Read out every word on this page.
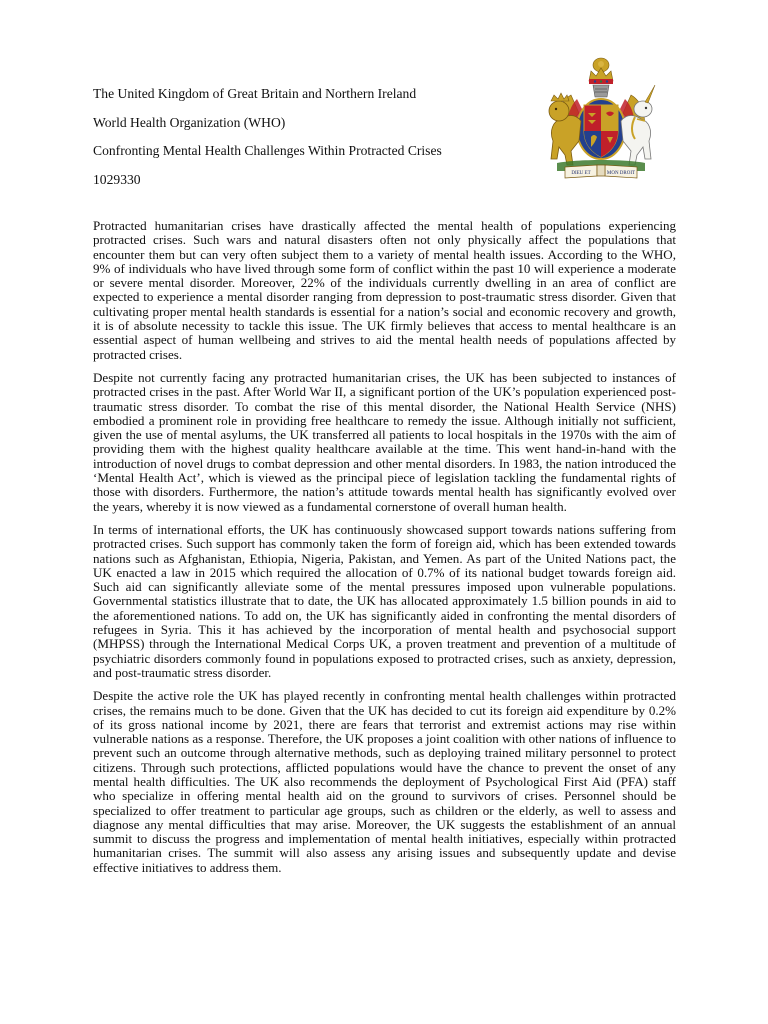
The United Kingdom of Great Britain and Northern Ireland
World Health Organization (WHO)
Confronting Mental Health Challenges Within Protracted Crises
1029330	DIEU ET	MON DROIT

Protracted humanitarian crises have drastically affected the mental health of populations experiencing protracted crises. Such wars and natural disasters often not only physically affect the populations that encounter them but can very often subject them to a variety of mental health issues. According to the WHO, 9% of individuals who have lived through some form of conflict within the past 10 will experience a moderate or severe mental disorder. Moreover, 22% of the individuals currently dwelling in an area of conflict are expected to experience a mental disorder ranging from depression to post-traumatic stress disorder. Given that cultivating proper mental health standards is essential for a nation’s social and economic recovery and growth, it is of absolute necessity to tackle this issue. The UK firmly believes that access to mental healthcare is an essential aspect of human wellbeing and strives to aid the mental health needs of populations affected by protracted crises.

Despite not currently facing any protracted humanitarian crises, the UK has been subjected to instances of protracted crises in the past. After World War II, a significant portion of the UK’s population experienced post-traumatic stress disorder. To combat the rise of this mental disorder, the National Health Service (NHS) embodied a prominent role in providing free healthcare to remedy the issue. Although initially not sufficient, given the use of mental asylums, the UK transferred all patients to local hospitals in the 1970s with the aim of providing them with the highest quality healthcare available at the time. This went hand-in-hand with the introduction of novel drugs to combat depression and other mental disorders. In 1983, the nation introduced the ‘Mental Health Act’, which is viewed as the principal piece of legislation tackling the fundamental rights of those with disorders. Furthermore, the nation’s attitude towards mental health has significantly evolved over the years, whereby it is now viewed as a fundamental cornerstone of overall human health.

In terms of international efforts, the UK has continuously showcased support towards nations suffering from protracted crises. Such support has commonly taken the form of foreign aid, which has been extended towards nations such as Afghanistan, Ethiopia, Nigeria, Pakistan, and Yemen. As part of the United Nations pact, the UK enacted a law in 2015 which required the allocation of 0.7% of its national budget towards foreign aid. Such aid can significantly alleviate some of the mental pressures imposed upon vulnerable populations. Governmental statistics illustrate that to date, the UK has allocated approximately 1.5 billion pounds in aid to the aforementioned nations. To add on, the UK has significantly aided in confronting the mental disorders of refugees in Syria. This it has achieved by the incorporation of mental health and psychosocial support (MHPSS) through the International Medical Corps UK, a proven treatment and prevention of a multitude of psychiatric disorders commonly found in populations exposed to protracted crises, such as anxiety, depression, and post-traumatic stress disorder.

Despite the active role the UK has played recently in confronting mental health challenges within protracted crises, the remains much to be done. Given that the UK has decided to cut its foreign aid expenditure by 0.2% of its gross national income by 2021, there are fears that terrorist and extremist actions may rise within vulnerable nations as a response. Therefore, the UK proposes a joint coalition with other nations of influence to prevent such an outcome through alternative methods, such as deploying trained military personnel to protect citizens. Through such protections, afflicted populations would have the chance to prevent the onset of any mental health difficulties. The UK also recommends the deployment of Psychological First Aid (PFA) staff who specialize in offering mental health aid on the ground to survivors of crises. Personnel should be specialized to offer treatment to particular age groups, such as children or the elderly, as well to assess and diagnose any mental difficulties that may arise. Moreover, the UK suggests the establishment of an annual summit to discuss the progress and implementation of mental health initiatives, especially within protracted humanitarian crises. The summit will also assess any arising issues and subsequently update and devise effective initiatives to address them.
